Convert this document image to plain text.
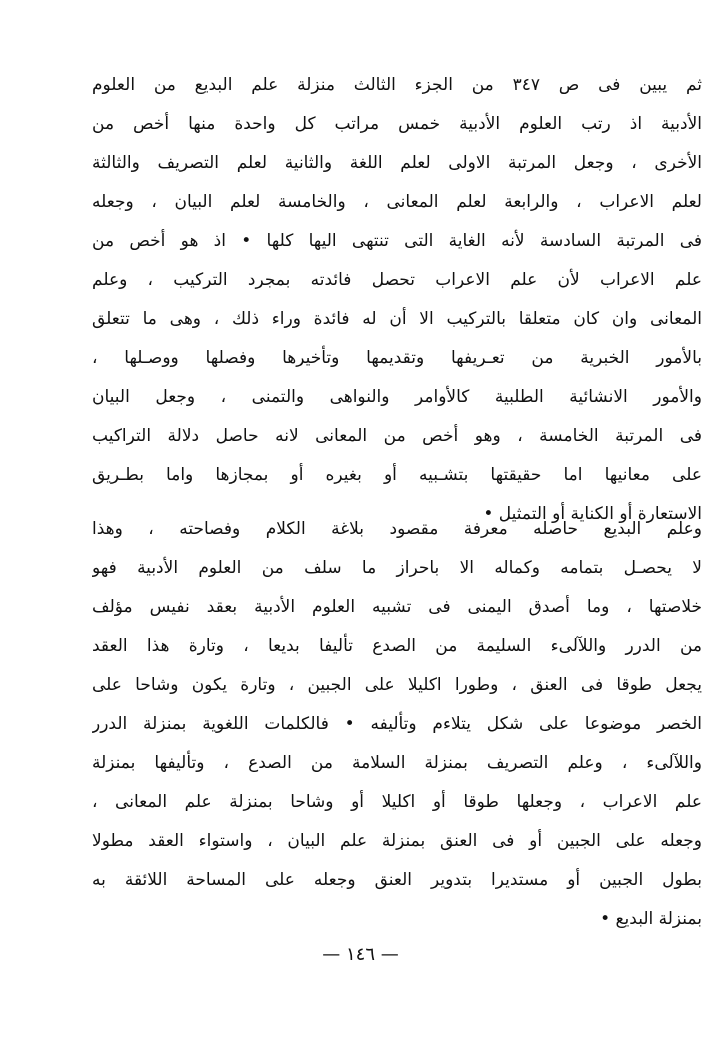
ثم يبين فى ص ٣٤٧ من الجزء الثالث منزلة علم البديع من العلوم
الأدبية اذ رتب العلوم الأدبية خمس مراتب كل واحدة منها أخص من
الأخرى ، وجعل المرتبة الاولى لعلم اللغة والثانية لعلم التصريف والثالثة
لعلم الاعراب ، والرابعة لعلم المعانى ، والخامسة لعلم البيان ، وجعله
فى المرتبة السادسة لأنه الغاية التى تنتهى اليها كلها • اذ هو أخص من
علم الاعراب لأن علم الاعراب تحصل فائدته بمجرد التركيب ، وعلم
المعانى وان كان متعلقا بالتركيب الا أن له فائدة وراء ذلك ، وهى ما تتعلق
بالأمور الخبرية من تعـريفها وتقديمها وتأخيرها وفصلها ووصـلها ،
والأمور الانشائية الطلبية كالأوامر والنواهى والتمنى ، وجعل البيان
فى المرتبة الخامسة ، وهو أخص من المعانى لانه حاصل دلالة التراكيب
على معانيها اما حقيقتها بتشـبيه أو بغيره أو بمجازها واما بطـريق
الاستعارة أو الكناية أو التمثيل •
وعلم البديع حاصله معرفة مقصود بلاغة الكلام وفصاحته ، وهذا
لا يحصـل بتمامه وكماله الا باحراز ما سلف من العلوم الأدبية فهو
خلاصتها ، وما أصدق اليمنى فى تشبيه العلوم الأدبية بعقد نفيس مؤلف
من الدرر واللآلىء السليمة من الصدع تأليفا بديعا ، وتارة هذا العقد
يجعل طوقا فى العنق ، وطورا اكليلا على الجبين ، وتارة يكون وشاحا على
الخصر موضوعا على شكل يتلاءم وتأليفه • فالكلمات اللغوية بمنزلة الدرر
واللآلىء ، وعلم التصريف بمنزلة السلامة من الصدع ، وتأليفها بمنزلة
علم الاعراب ، وجعلها طوقا أو اكليلا أو وشاحا بمنزلة علم المعانى ،
وجعله على الجبين أو فى العنق بمنزلة علم البيان ، واستواء العقد مطولا
بطول الجبين أو مستديرا بتدوير العنق وجعله على المساحة اللائقة به
بمنزلة البديع •
— ١٤٦ —
